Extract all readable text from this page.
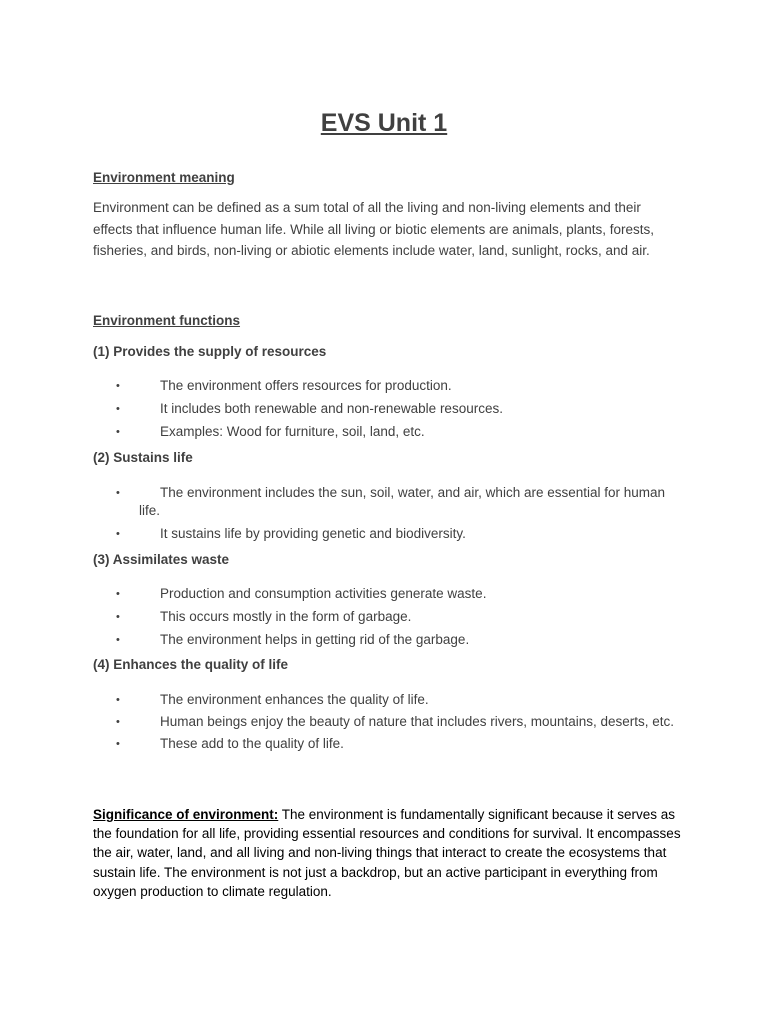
EVS Unit 1
Environment meaning
Environment can be defined as a sum total of all the living and non-living elements and their effects that influence human life. While all living or biotic elements are animals, plants, forests, fisheries, and birds, non-living or abiotic elements include water, land, sunlight, rocks, and air.
Environment functions
(1) Provides the supply of resources
•	The environment offers resources for production.
•	It includes both renewable and non-renewable resources.
•	Examples: Wood for furniture, soil, land, etc.
(2) Sustains life
•	The environment includes the sun, soil, water, and air, which are essential for human life.
•	It sustains life by providing genetic and biodiversity.
(3) Assimilates waste
•	Production and consumption activities generate waste.
•	This occurs mostly in the form of garbage.
•	The environment helps in getting rid of the garbage.
(4) Enhances the quality of life
•	The environment enhances the quality of life.
•	Human beings enjoy the beauty of nature that includes rivers, mountains, deserts, etc.
•	These add to the quality of life.
Significance of environment: The environment is fundamentally significant because it serves as the foundation for all life, providing essential resources and conditions for survival. It encompasses the air, water, land, and all living and non-living things that interact to create the ecosystems that sustain life. The environment is not just a backdrop, but an active participant in everything from oxygen production to climate regulation.
